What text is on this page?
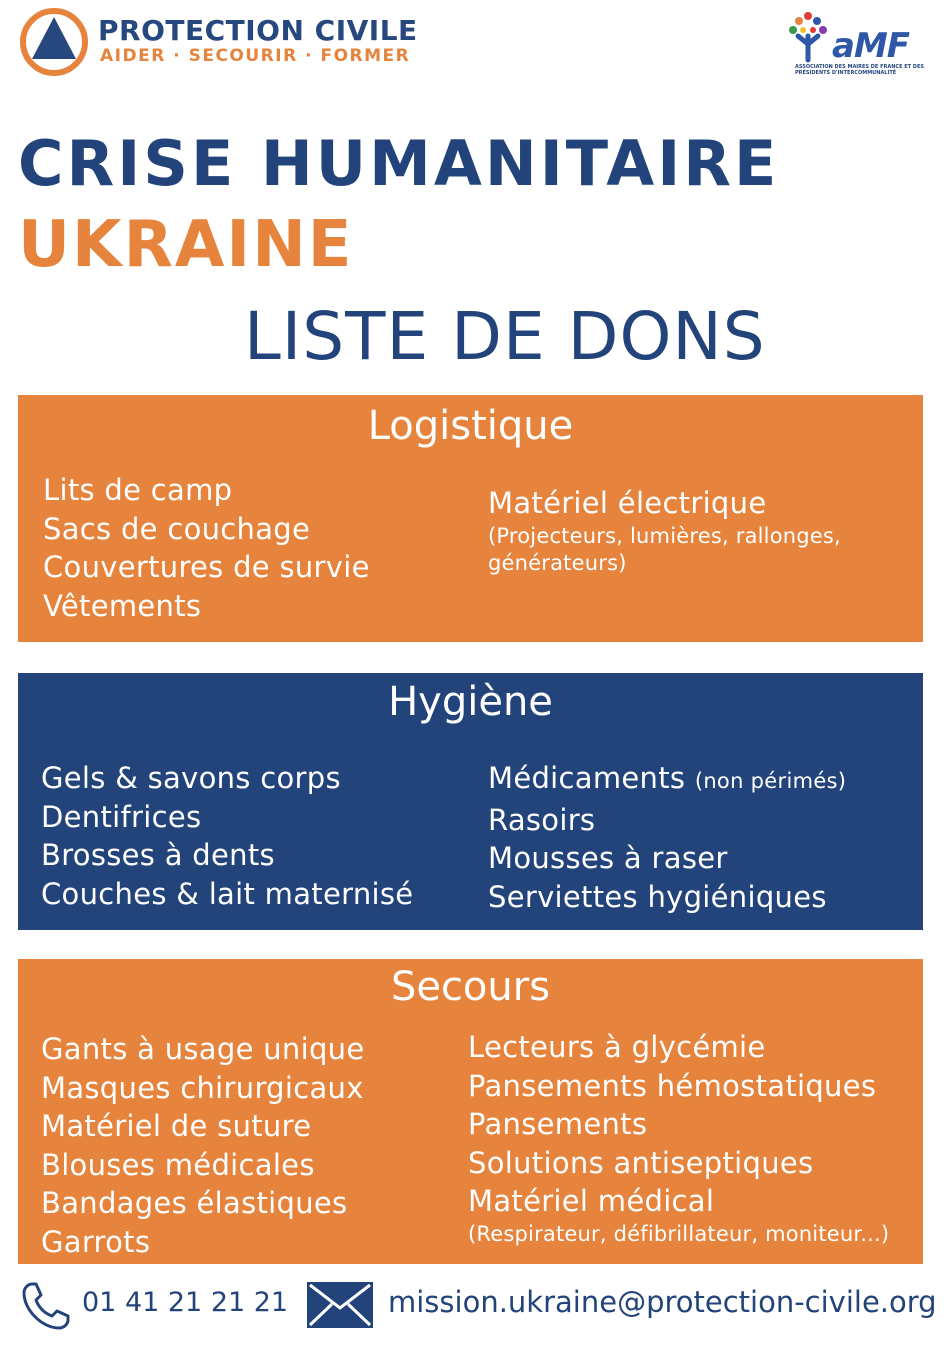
PROTECTION CIVILE
AIDER · SECOURIR · FORMER	aMF
ASSOCIATION DES MAIRES DE FRANCE ET DES PRÉSIDENTS D'INTERCOMMUNALITÉ
CRISE HUMANITAIRE
UKRAINE
LISTE DE DONS
Logistique
Lits de camp
Sacs de couchage
Couvertures de survie
Vêtements
Matériel électrique
(Projecteurs, lumières, rallonges, générateurs)
Hygiène
Gels & savons corps
Dentifrices
Brosses à dents
Couches & lait maternisé
Médicaments (non périmés)
Rasoirs
Mousses à raser
Serviettes hygiéniques
Secours
Gants à usage unique
Masques chirurgicaux
Matériel de suture
Blouses médicales
Bandages élastiques
Garrots
Lecteurs à glycémie
Pansements hémostatiques
Pansements
Solutions antiseptiques
Matériel médical
(Respirateur, défibrillateur, moniteur...)
01 41 21 21 21	mission.ukraine@protection-civile.org
